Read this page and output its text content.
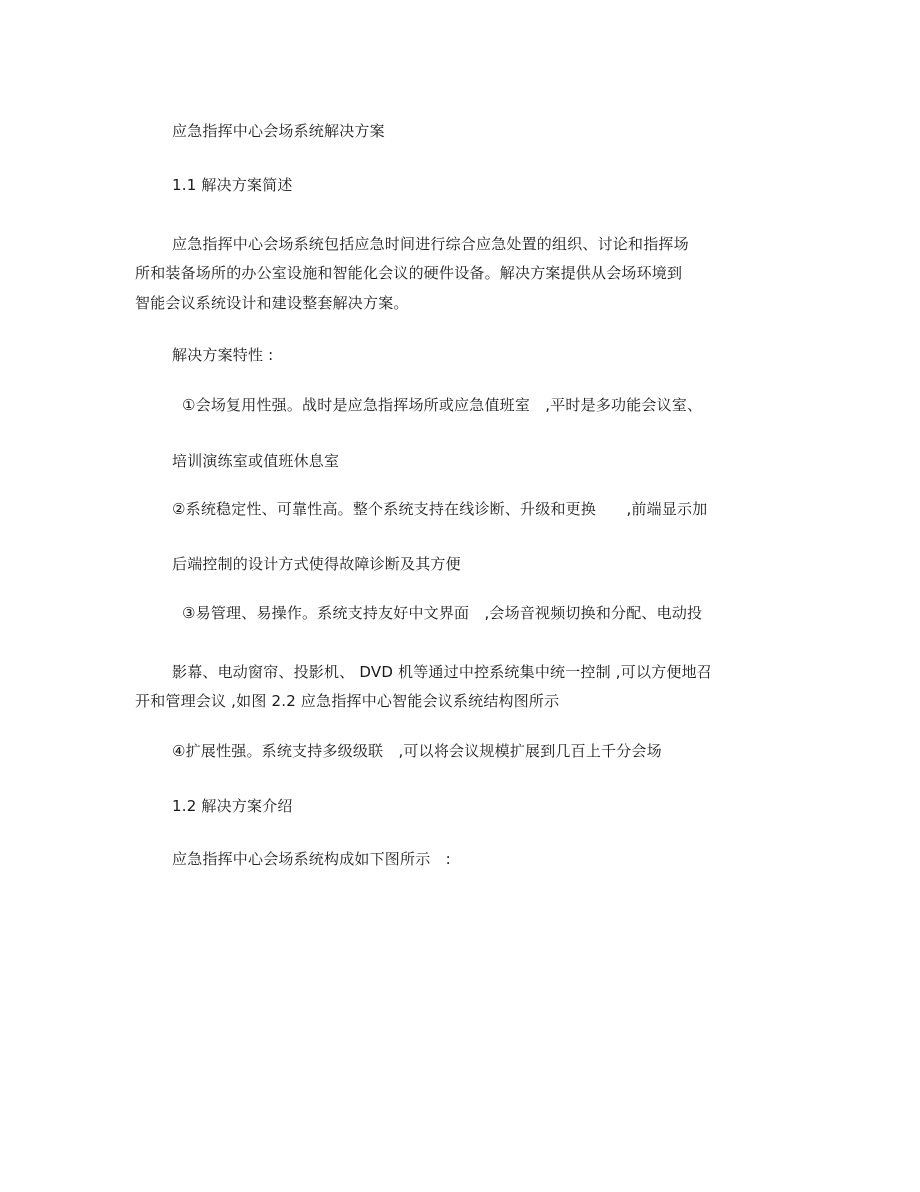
应急指挥中心会场系统解决方案
1.1 解决方案简述
应急指挥中心会场系统包括应急时间进行综合应急处置的组织、讨论和指挥场
所和装备场所的办公室设施和智能化会议的硬件设备。解决方案提供从会场环境到
智能会议系统设计和建设整套解决方案。
解决方案特性 :
①会场复用性强。战时是应急指挥场所或应急值班室　,平时是多功能会议室、
培训演练室或值班休息室
②系统稳定性、可靠性高。整个系统支持在线诊断、升级和更换　　,前端显示加
后端控制的设计方式使得故障诊断及其方便
③易管理、易操作。系统支持友好中文界面　,会场音视频切换和分配、电动投
影幕、电动窗帘、投影机、 DVD 机等通过中控系统集中统一控制 ,可以方便地召
开和管理会议 ,如图 2.2 应急指挥中心智能会议系统结构图所示
④扩展性强。系统支持多级级联　,可以将会议规模扩展到几百上千分会场
1.2 解决方案介绍
应急指挥中心会场系统构成如下图所示　:
